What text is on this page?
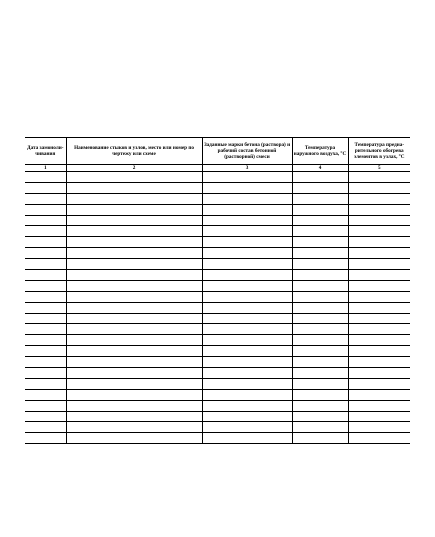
Дата замоноли-чивания	Наименование стыков и узлов, место или номер по чертежу или схеме	Заданные марки бетона (раствора) и рабочий состав бетонной (растворной) смеси	Температура наружного воздуха, °С	Температура предна-рительного обогрева элементов в узлах, °С
1	2	3	4	5
